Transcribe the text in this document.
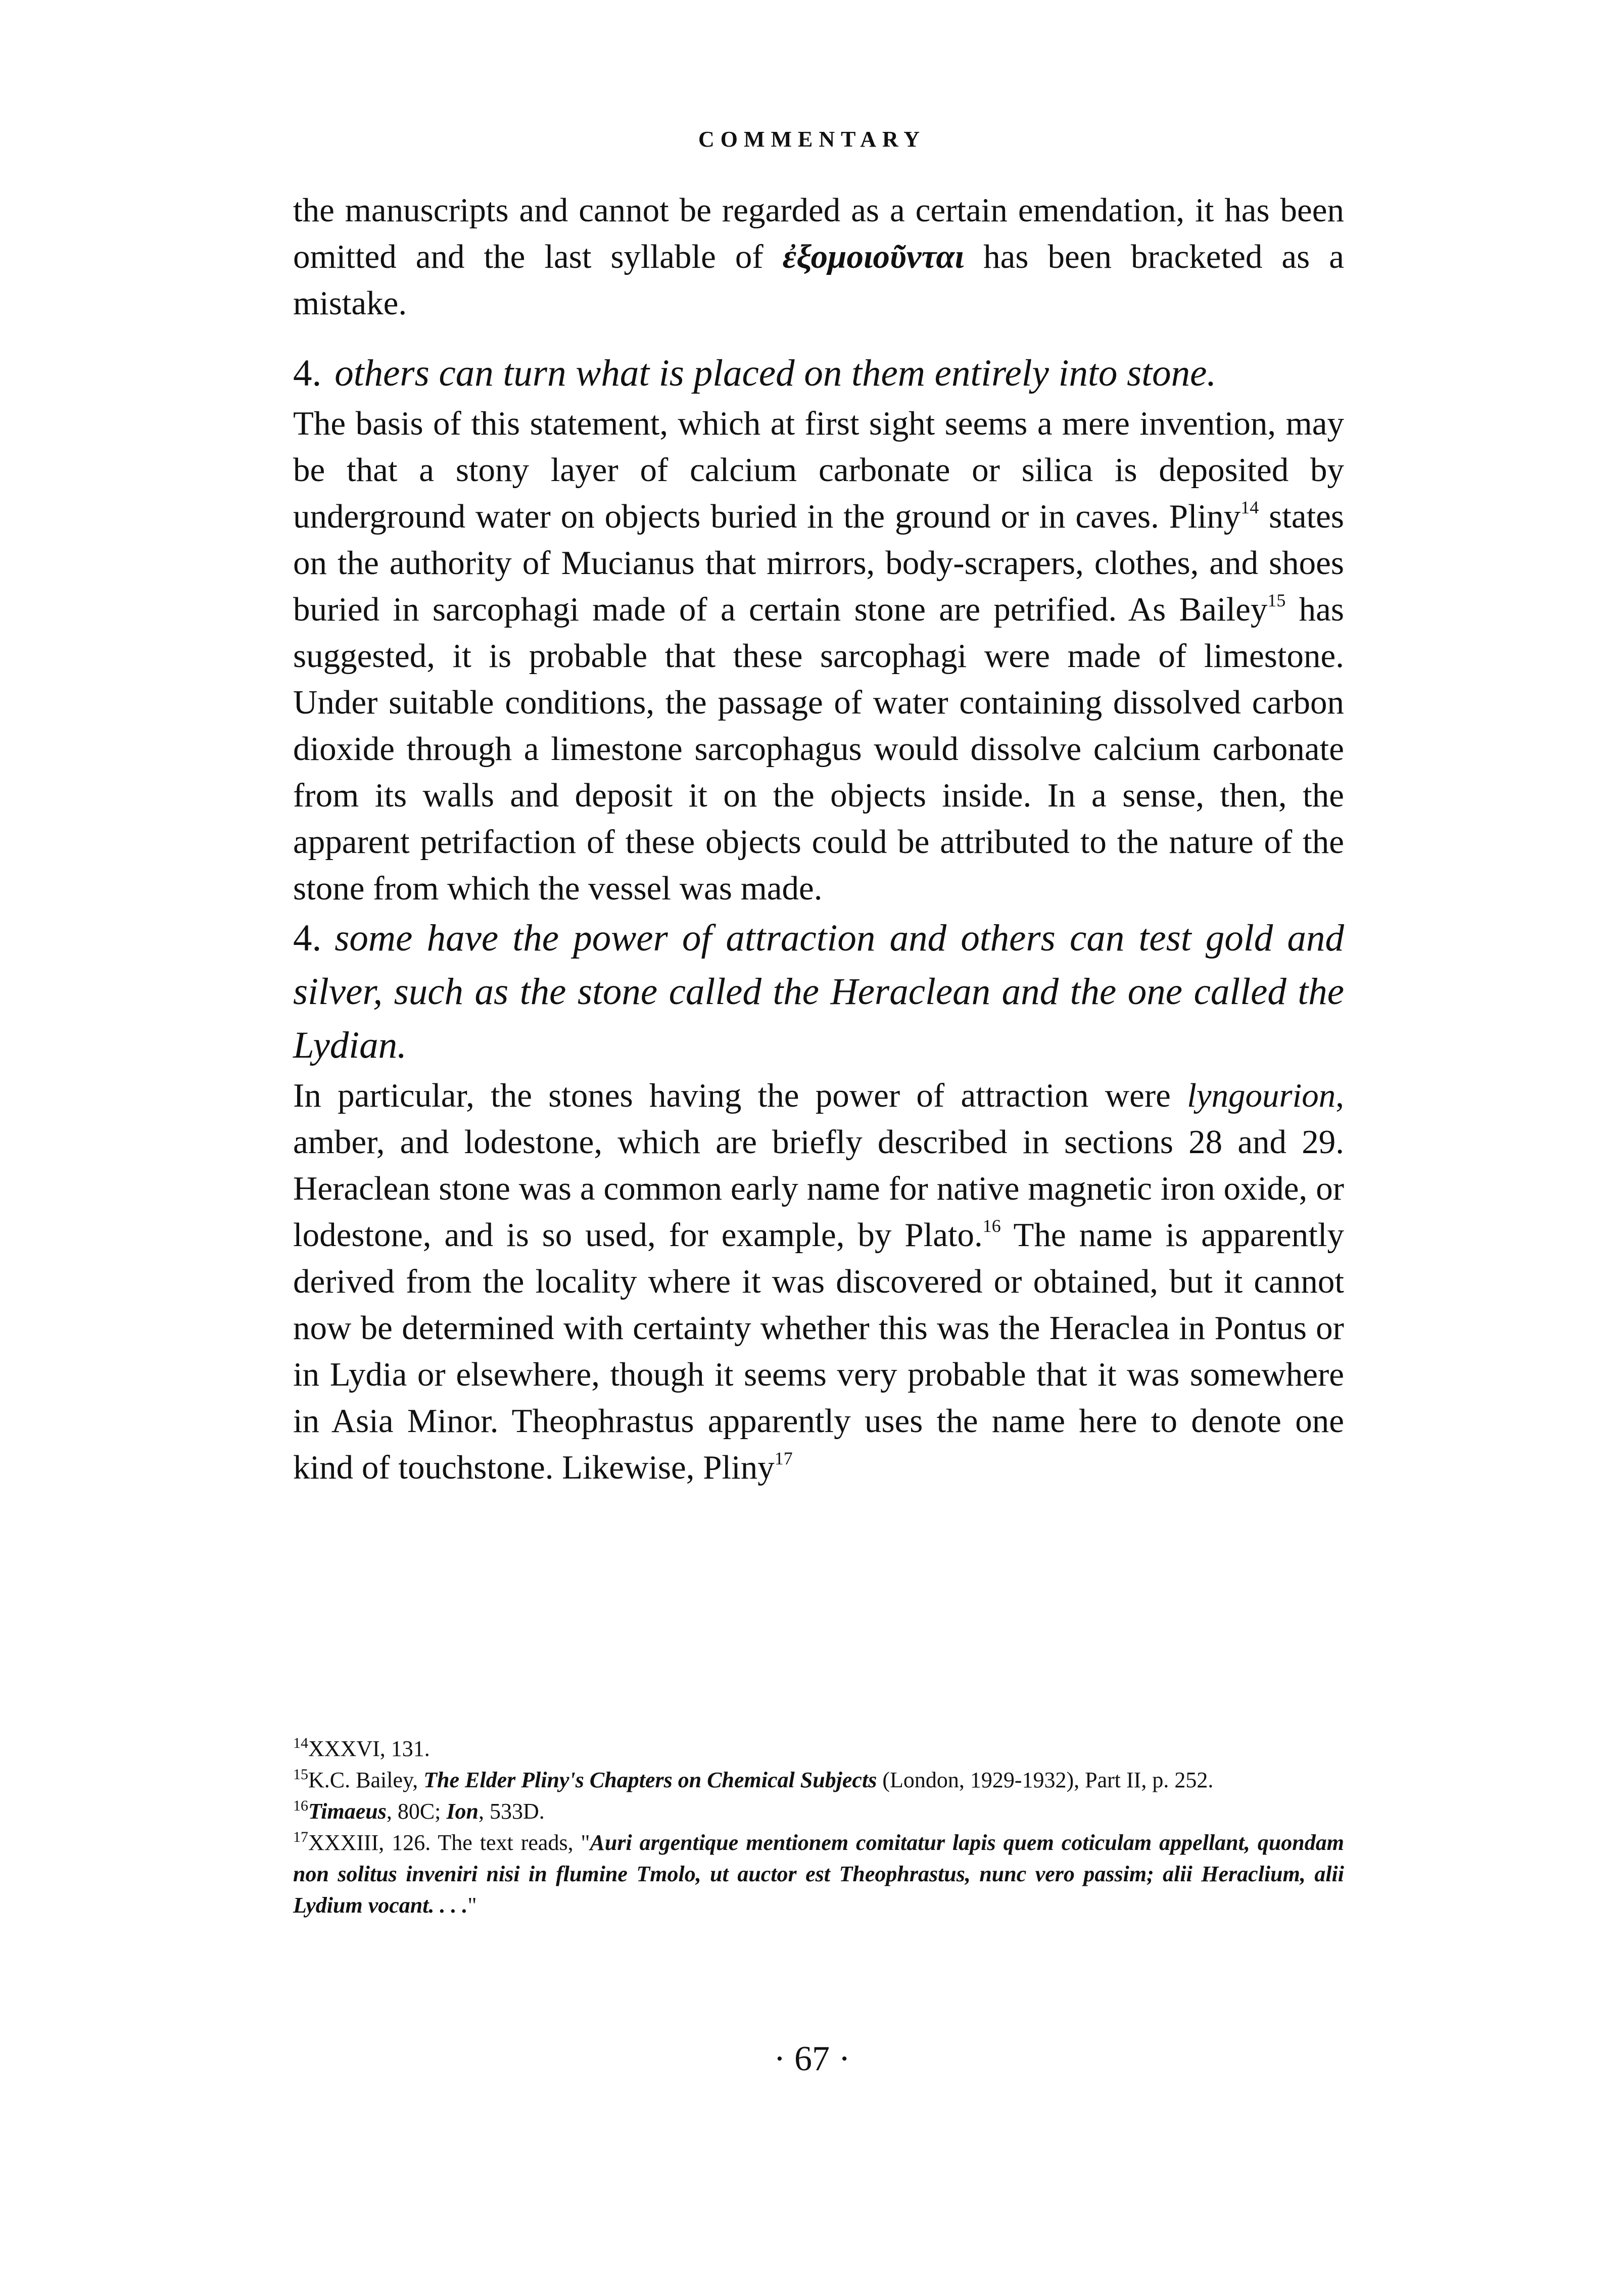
COMMENTARY

the manuscripts and cannot be regarded as a certain emendation, it has been omitted and the last syllable of ἐξομοιοῦνται has been bracketed as a mistake.

4. others can turn what is placed on them entirely into stone.

The basis of this statement, which at first sight seems a mere invention, may be that a stony layer of calcium carbonate or silica is deposited by underground water on objects buried in the ground or in caves. Pliny$^{14}$ states on the authority of Mucianus that mirrors, body-scrapers, clothes, and shoes buried in sarcophagi made of a certain stone are petrified. As Bailey$^{15}$ has suggested, it is probable that these sarcophagi were made of limestone. Under suitable conditions, the passage of water containing dissolved carbon dioxide through a limestone sarcophagus would dissolve calcium carbonate from its walls and deposit it on the objects inside. In a sense, then, the apparent petrifaction of these objects could be attributed to the nature of the stone from which the vessel was made.

4. some have the power of attraction and others can test gold and silver, such as the stone called the Heraclean and the one called the Lydian.

In particular, the stones having the power of attraction were lyngourion, amber, and lodestone, which are briefly described in sections 28 and 29. Heraclean stone was a common early name for native magnetic iron oxide, or lodestone, and is so used, for example, by Plato.$^{16}$ The name is apparently derived from the locality where it was discovered or obtained, but it cannot now be determined with certainty whether this was the Heraclea in Pontus or in Lydia or elsewhere, though it seems very probable that it was somewhere in Asia Minor. Theophrastus apparently uses the name here to denote one kind of touchstone. Likewise, Pliny$^{17}$

$^{14}$XXXVI, 131.

$^{15}$K.C. Bailey, The Elder Pliny's Chapters on Chemical Subjects (London, 1929-1932), Part II, p. 252.

$^{16}$Timaeus, 80C; Ion, 533D.

$^{17}$XXXIII, 126. The text reads, "Auri argentique mentionem comitatur lapis quem coticulam appellant, quondam non solitus inveniri nisi in flumine Tmolo, ut auctor est Theophrastus, nunc vero passim; alii Heraclium, alii Lydium vocant. . . ."

· 67 ·
